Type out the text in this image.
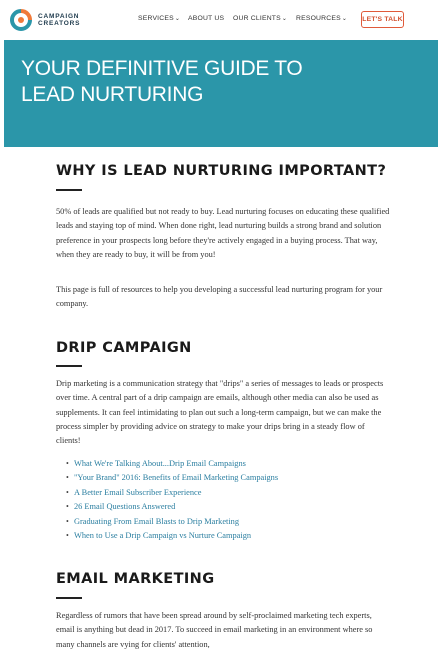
CAMPAIGN
CREATORS
SERVICES⌄ ABOUT US OUR CLIENTS⌄ RESOURCES⌄ LET'S TALK
YOUR DEFINITIVE GUIDE TO
LEAD NURTURING
WHY IS LEAD NURTURING IMPORTANT?

50% of leads are qualified but not ready to buy. Lead nurturing focuses on educating these qualified leads and staying top of mind. When done right, lead nurturing builds a strong brand and solution preference in your prospects long before they're actively engaged in a buying process. That way, when they are ready to buy, it will be from you!

This page is full of resources to help you developing a successful lead nurturing program for your company.

DRIP CAMPAIGN

Drip marketing is a communication strategy that "drips" a series of messages to leads or prospects over time. A central part of a drip campaign are emails, although other media can also be used as supplements. It can feel intimidating to plan out such a long-term campaign, but we can make the process simpler by providing advice on strategy to make your drips bring in a steady flow of clients!

• What We're Talking About...Drip Email Campaigns
• "Your Brand" 2016: Benefits of Email Marketing Campaigns
• A Better Email Subscriber Experience
• 26 Email Questions Answered
• Graduating From Email Blasts to Drip Marketing
• When to Use a Drip Campaign vs Nurture Campaign
EMAIL MARKETING

Regardless of rumors that have been spread around by self-proclaimed marketing tech experts, email is anything but dead in 2017. To succeed in email marketing in an environment where so many channels are vying for clients' attention,
